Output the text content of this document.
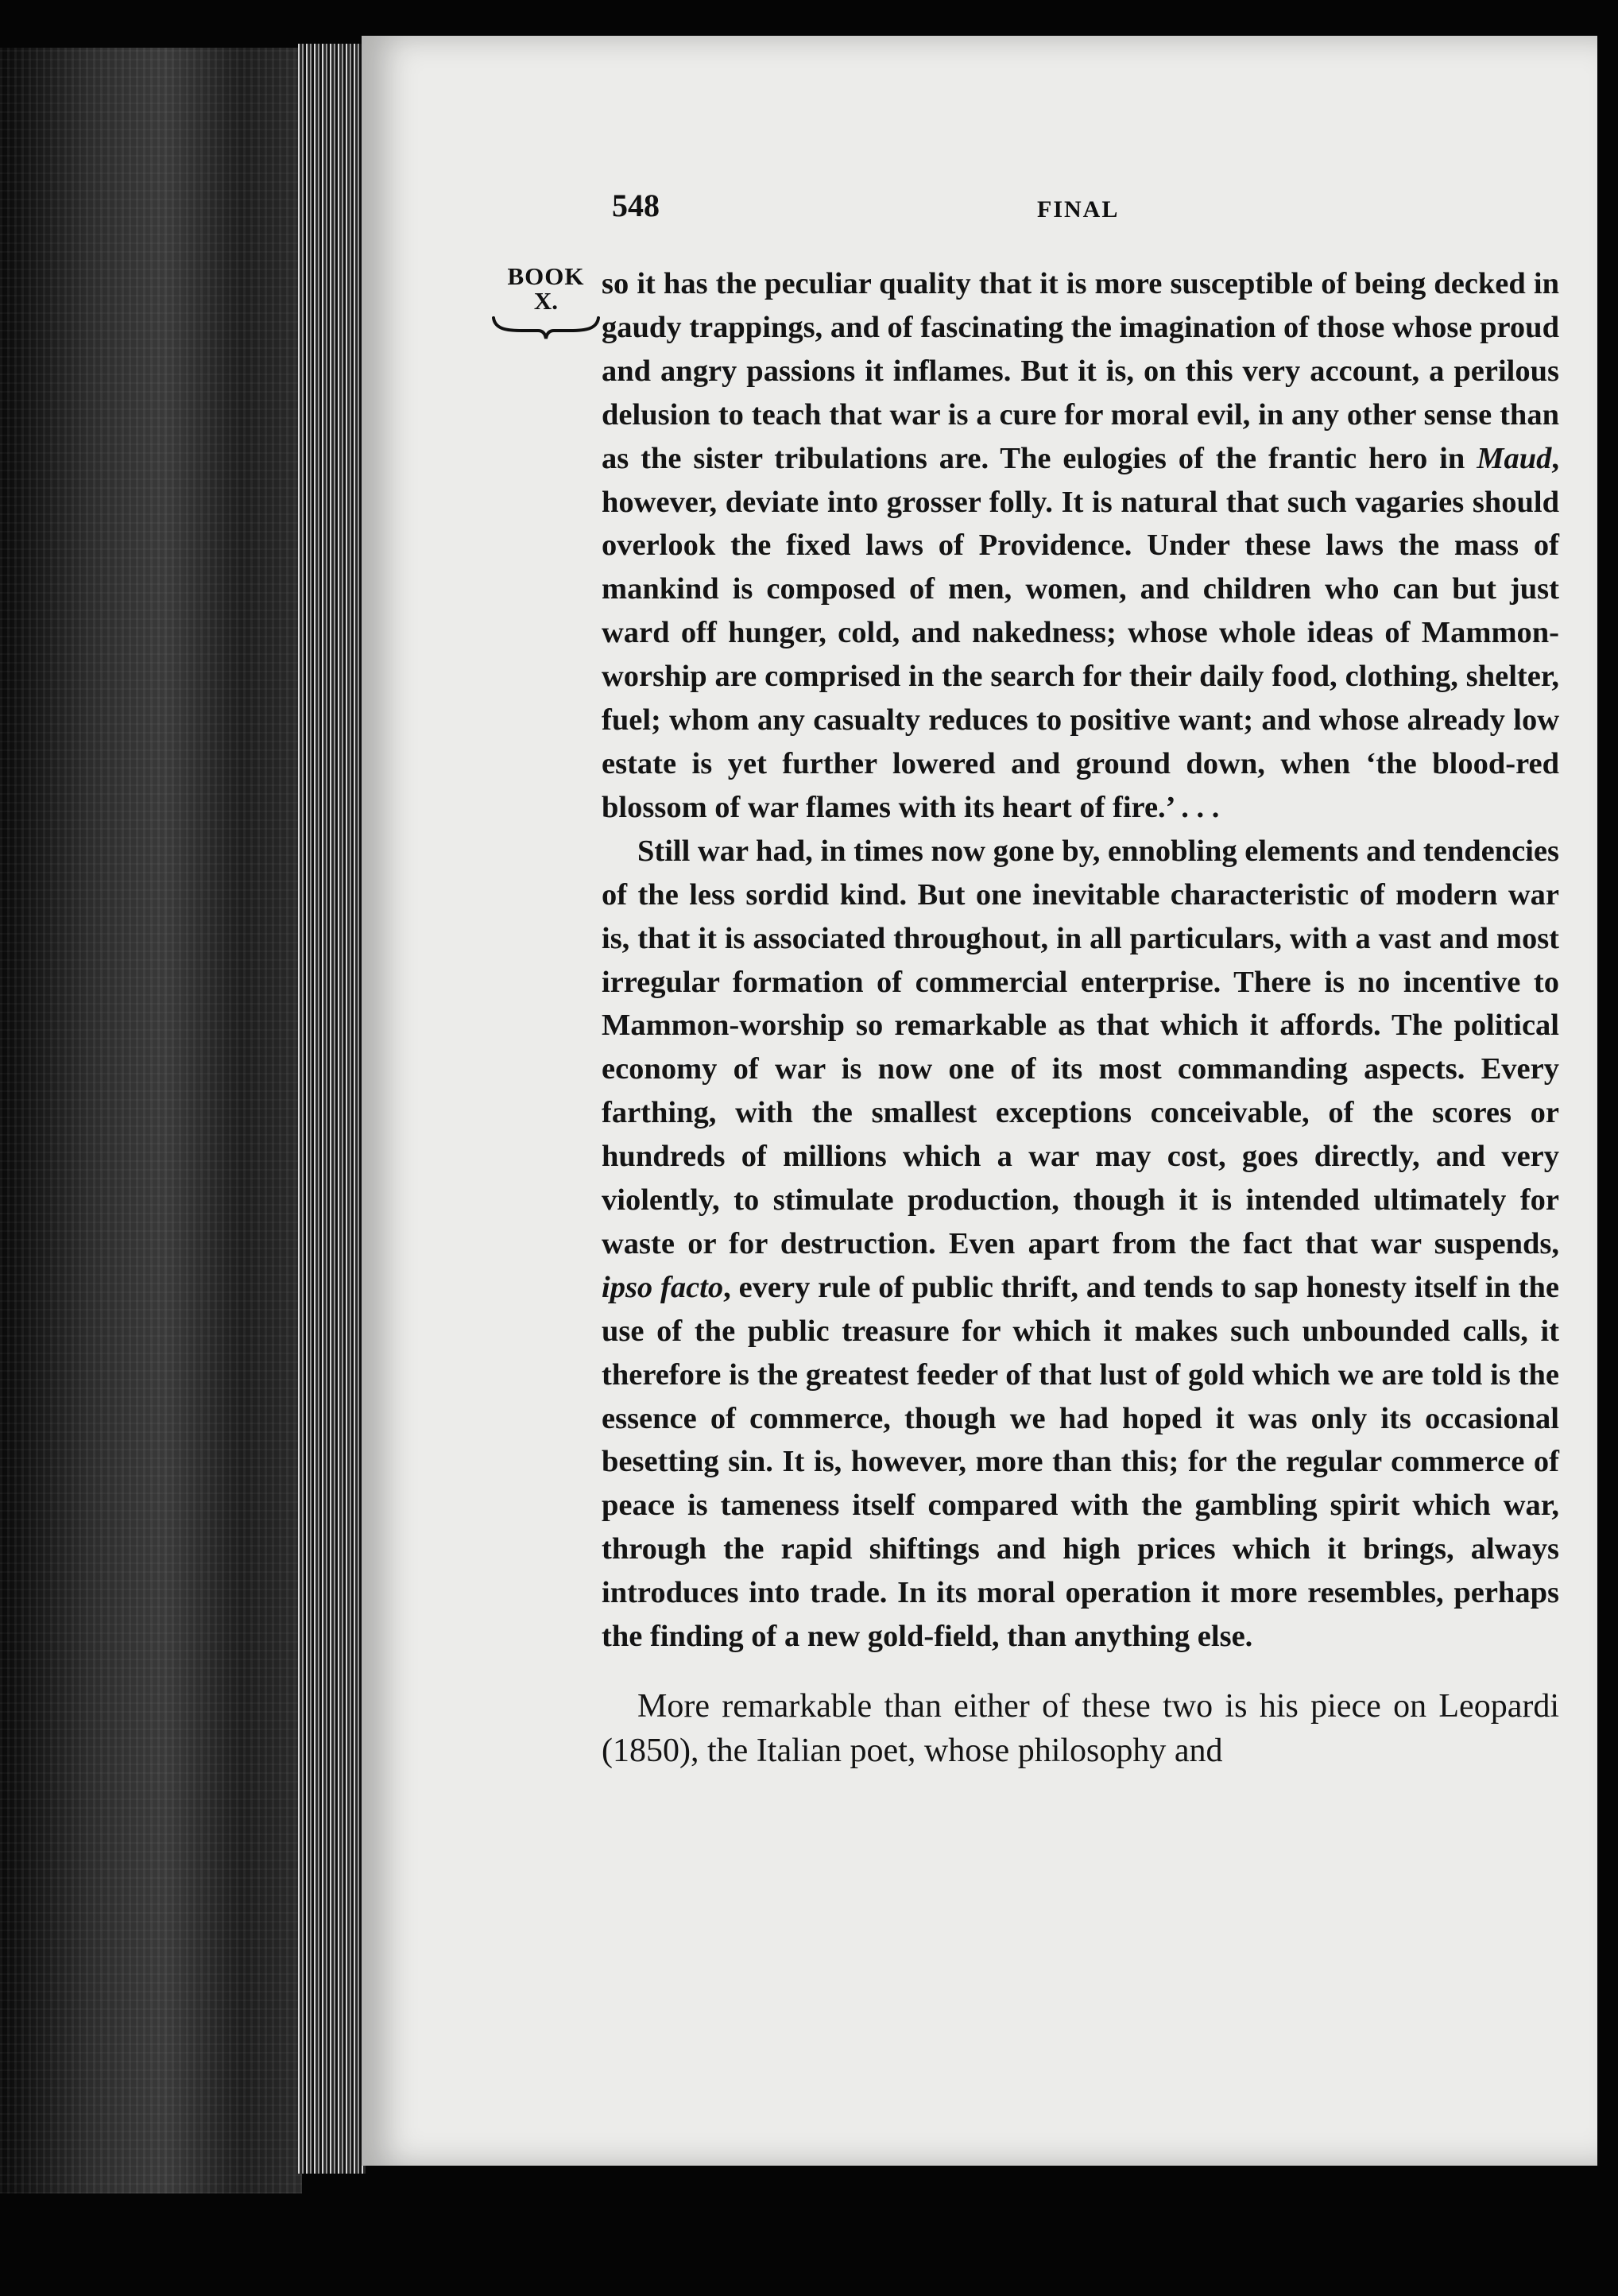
548	FINAL
BOOK
X.

so it has the peculiar quality that it is more susceptible of being decked in gaudy trappings, and of fascinating the imagination of those whose proud and angry passions it inflames. But it is, on this very account, a perilous delusion to teach that war is a cure for moral evil, in any other sense than as the sister tribulations are. The eulogies of the frantic hero in Maud, however, deviate into grosser folly. It is natural that such vagaries should overlook the fixed laws of Providence. Under these laws the mass of mankind is composed of men, women, and children who can but just ward off hunger, cold, and nakedness; whose whole ideas of Mammon-worship are comprised in the search for their daily food, clothing, shelter, fuel; whom any casualty reduces to positive want; and whose already low estate is yet further lowered and ground down, when ‘the blood-red blossom of war flames with its heart of fire.’ . . .

Still war had, in times now gone by, ennobling elements and tendencies of the less sordid kind. But one inevitable characteristic of modern war is, that it is associated throughout, in all particulars, with a vast and most irregular formation of commercial enterprise. There is no incentive to Mammon-worship so remarkable as that which it affords. The political economy of war is now one of its most commanding aspects. Every farthing, with the smallest exceptions conceivable, of the scores or hundreds of millions which a war may cost, goes directly, and very violently, to stimulate production, though it is intended ultimately for waste or for destruction. Even apart from the fact that war suspends, ipso facto, every rule of public thrift, and tends to sap honesty itself in the use of the public treasure for which it makes such unbounded calls, it therefore is the greatest feeder of that lust of gold which we are told is the essence of commerce, though we had hoped it was only its occasional besetting sin. It is, however, more than this; for the regular commerce of peace is tameness itself compared with the gambling spirit which war, through the rapid shiftings and high prices which it brings, always introduces into trade. In its moral operation it more resembles, perhaps the finding of a new gold-field, than anything else.

More remarkable than either of these two is his piece on Leopardi (1850), the Italian poet, whose philosophy and
